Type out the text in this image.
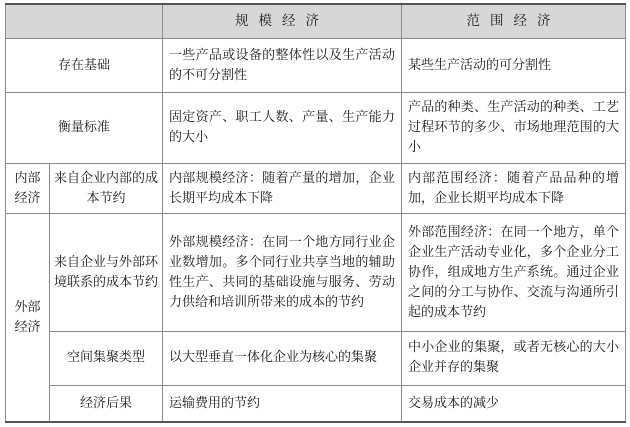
		规模经济	范围经济
存在基础		一些产品或设备的整体性以及生产活动的不可分割性	某些生产活动的可分割性
衡量标准		固定资产、职工人数、产量、生产能力的大小	产品的种类、生产活动的种类、工艺过程环节的多少、市场地理范围的大小
内部经济	来自企业内部的成本节约	内部规模经济：随着产量的增加，企业长期平均成本下降	内部范围经济：随着产品品种的增加，企业长期平均成本下降
外部经济	来自企业与外部环境联系的成本节约	外部规模经济：在同一个地方同行业企业数增加。多个同行业共享当地的辅助性生产、共同的基础设施与服务、劳动力供给和培训所带来的成本的节约	外部范围经济：在同一个地方，单个企业生产活动专业化，多个企业分工协作，组成地方生产系统。通过企业之间的分工与协作、交流与沟通所引起的成本节约
	空间集聚类型	以大型垂直一体化企业为核心的集聚	中小企业的集聚，或者无核心的大小企业并存的集聚
	经济后果	运输费用的节约	交易成本的减少
